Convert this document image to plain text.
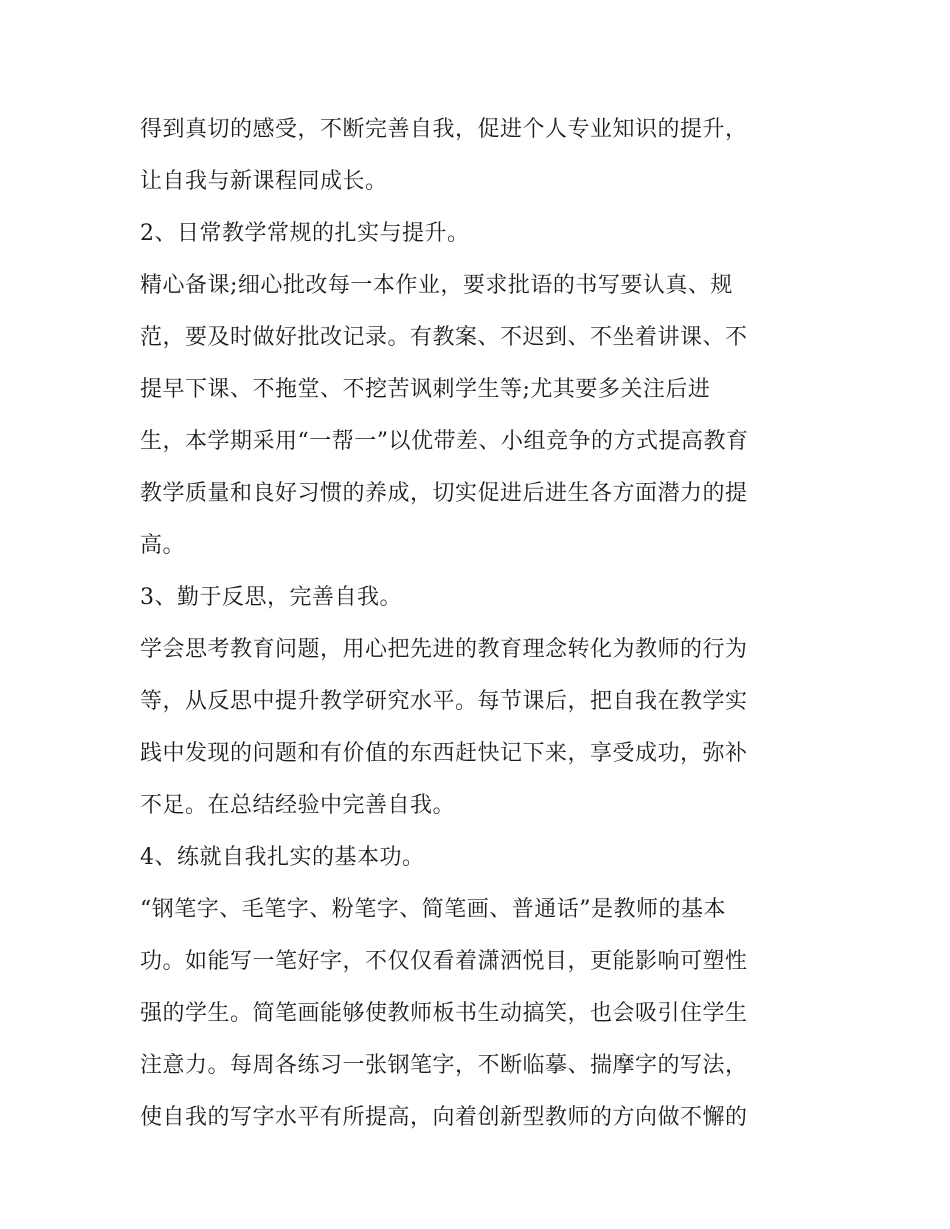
得到真切的感受，不断完善自我，促进个人专业知识的提升，
让自我与新课程同成长。
2、日常教学常规的扎实与提升。
精心备课;细心批改每一本作业，要求批语的书写要认真、规
范，要及时做好批改记录。有教案、不迟到、不坐着讲课、不
提早下课、不拖堂、不挖苦讽刺学生等;尤其要多关注后进
生，本学期采用“一帮一”以优带差、小组竞争的方式提高教育
教学质量和良好习惯的养成，切实促进后进生各方面潜力的提
高。
3、勤于反思，完善自我。
学会思考教育问题，用心把先进的教育理念转化为教师的行为
等，从反思中提升教学研究水平。每节课后，把自我在教学实
践中发现的问题和有价值的东西赶快记下来，享受成功，弥补
不足。在总结经验中完善自我。
4、练就自我扎实的基本功。
“钢笔字、毛笔字、粉笔字、简笔画、普通话”是教师的基本
功。如能写一笔好字，不仅仅看着潇洒悦目，更能影响可塑性
强的学生。简笔画能够使教师板书生动搞笑，也会吸引住学生
注意力。每周各练习一张钢笔字，不断临摹、揣摩字的写法，
使自我的写字水平有所提高，向着创新型教师的方向做不懈的
